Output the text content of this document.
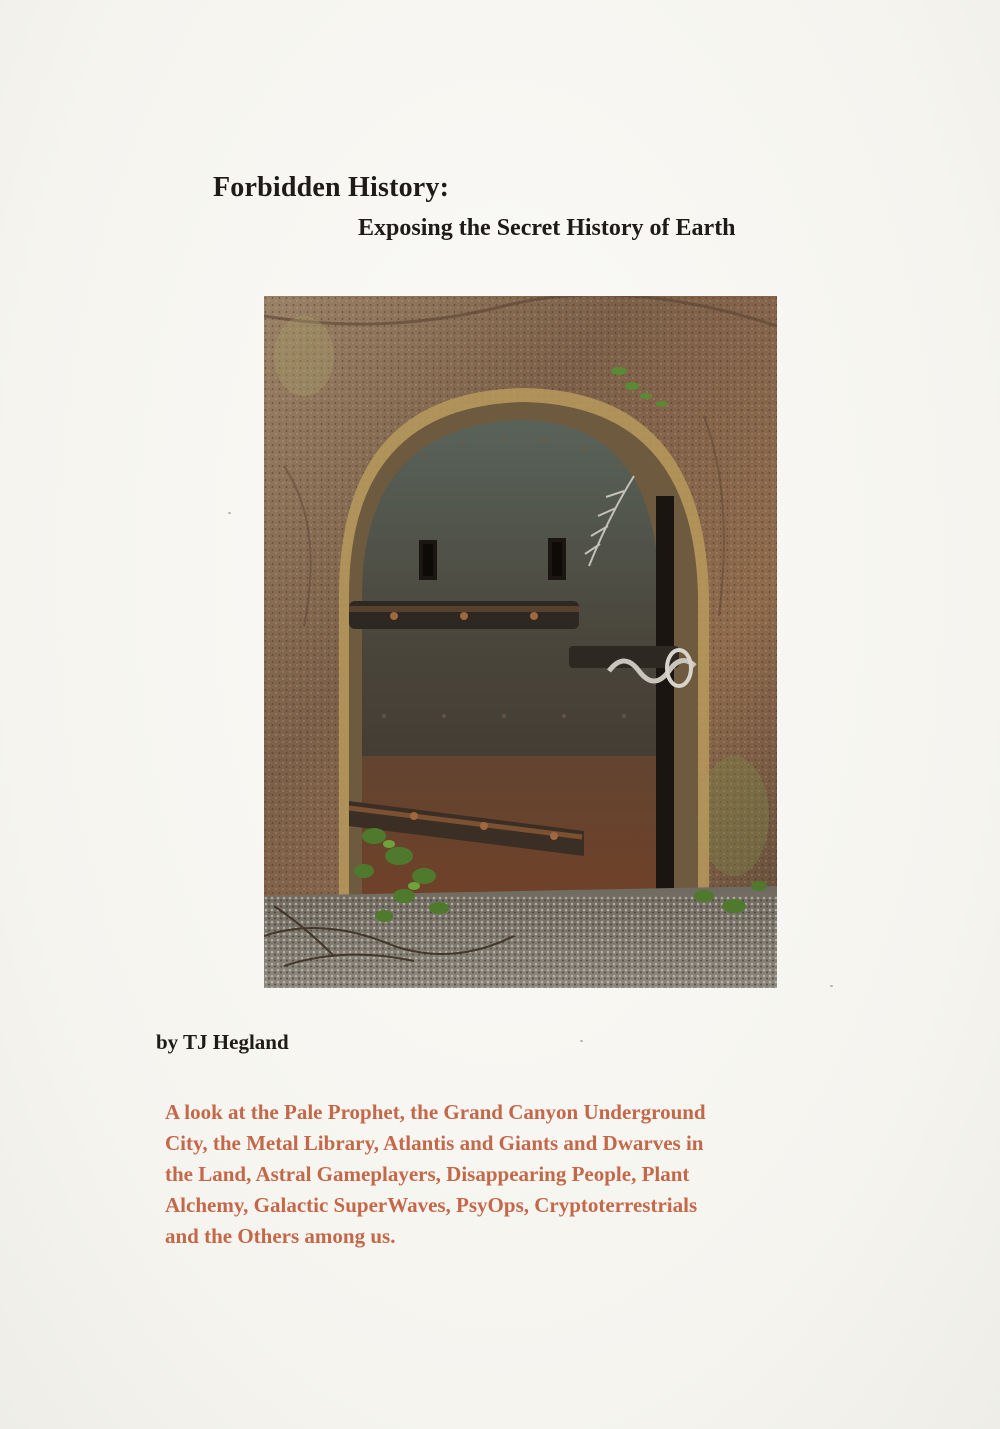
Forbidden History:
Exposing the Secret History of Earth
by TJ Hegland
A look at the Pale Prophet, the Grand Canyon Underground
City, the Metal Library, Atlantis and Giants and Dwarves in
the Land, Astral Gameplayers, Disappearing People, Plant
Alchemy, Galactic SuperWaves, PsyOps, Cryptoterrestrials
and the Others among us.
